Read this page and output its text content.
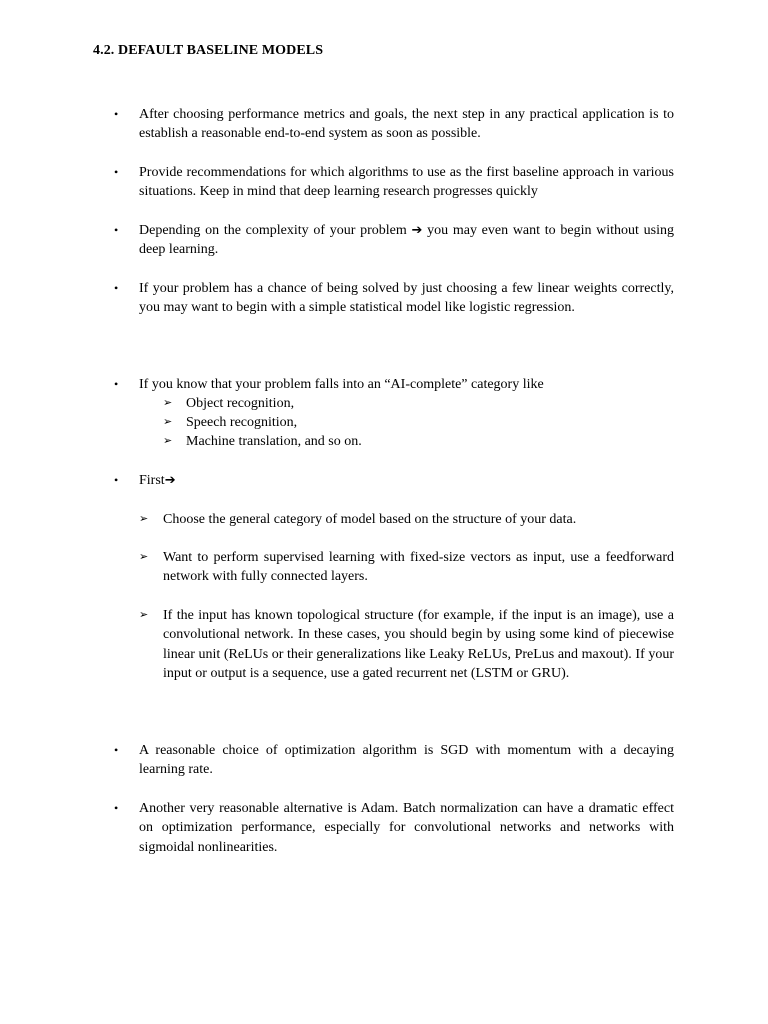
4.2. DEFAULT BASELINE MODELS
•	After choosing performance metrics and goals, the next step in any practical application is to establish a reasonable end-to-end system as soon as possible.
•	Provide recommendations for which algorithms to use as the first baseline approach in various situations. Keep in mind that deep learning research progresses quickly
•	Depending on the complexity of your problem ➔ you may even want to begin without using deep learning.
•	If your problem has a chance of being solved by just choosing a few linear weights correctly, you may want to begin with a simple statistical model like logistic regression.
•	If you know that your problem falls into an “AI-complete” category like
➢ Object recognition,
➢ Speech recognition,
➢ Machine translation, and so on.
•	First➔
➢ Choose the general category of model based on the structure of your data.
➢ Want to perform supervised learning with fixed-size vectors as input, use a feedforward network with fully connected layers.
➢ If the input has known topological structure (for example, if the input is an image), use a convolutional network. In these cases, you should begin by using some kind of piecewise linear unit (ReLUs or their generalizations like Leaky ReLUs, PreLus and maxout). If your input or output is a sequence, use a gated recurrent net (LSTM or GRU).
•	A reasonable choice of optimization algorithm is SGD with momentum with a decaying learning rate.
•	Another very reasonable alternative is Adam. Batch normalization can have a dramatic effect on optimization performance, especially for convolutional networks and networks with sigmoidal nonlinearities.
